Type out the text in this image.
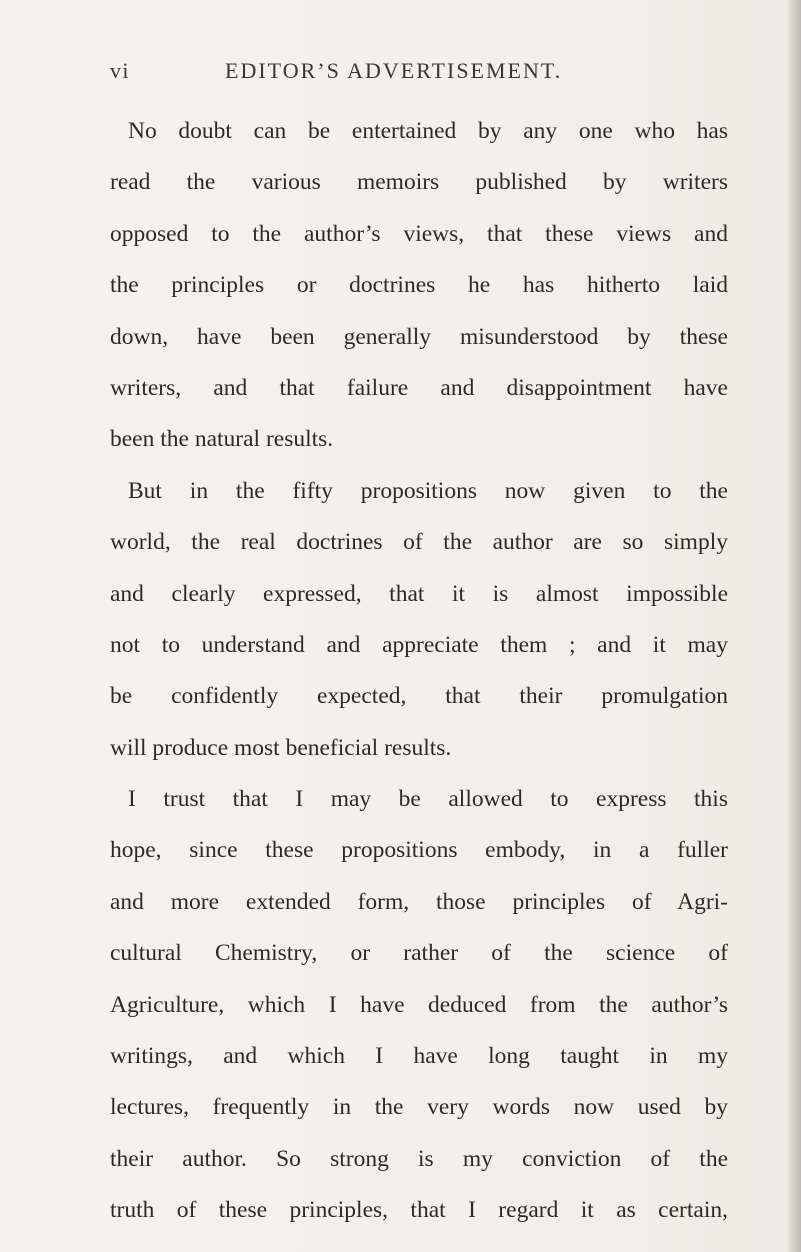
vi	EDITOR’S ADVERTISEMENT.
No doubt can be entertained by any one who has
read the various memoirs published by writers
opposed to the author’s views, that these views and
the principles or doctrines he has hitherto laid
down, have been generally misunderstood by these
writers, and that failure and disappointment have
been the natural results.
But in the fifty propositions now given to the
world, the real doctrines of the author are so simply
and clearly expressed, that it is almost impossible
not to understand and appreciate them ; and it may
be confidently expected, that their promulgation
will produce most beneficial results.
I trust that I may be allowed to express this
hope, since these propositions embody, in a fuller
and more extended form, those principles of Agri-
cultural Chemistry, or rather of the science of
Agriculture, which I have deduced from the author’s
writings, and which I have long taught in my
lectures, frequently in the very words now used by
their author. So strong is my conviction of the
truth of these principles, that I regard it as certain,
